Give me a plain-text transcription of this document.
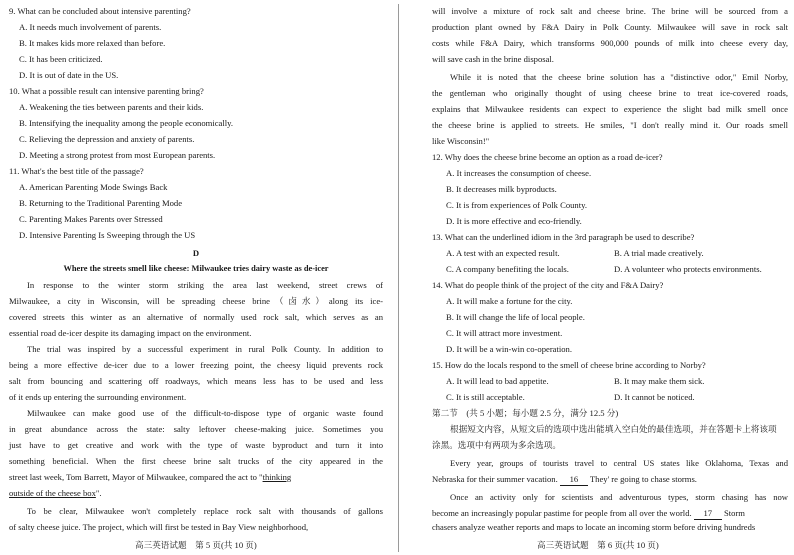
9. What can be concluded about intensive parenting?
A. It needs much involvement of parents.
B. It makes kids more relaxed than before.
C. It has been criticized.
D. It is out of date in the US.
10. What a possible result can intensive parenting bring?
A. Weakening the ties between parents and their kids.
B. Intensifying the inequality among the people economically.
C. Relieving the depression and anxiety of parents.
D. Meeting a strong protest from most European parents.
11. What's the best title of the passage?
A. American Parenting Mode Swings Back
B. Returning to the Traditional Parenting Mode
C. Parenting Makes Parents over Stressed
D. Intensive Parenting Is Sweeping through the US
D
Where the streets smell like cheese: Milwaukee tries dairy waste as de-icer
In response to the winter storm striking the area last weekend, street crews of
Milwaukee, a city in Wisconsin, will be spreading cheese brine（卤水）along its ice-
covered streets this winter as an alternative of normally used rock salt, which serves as an
essential road de-icer despite its damaging impact on the environment.
The trial was inspired by a successful experiment in rural Polk County. In addition to
being a more effective de-icer due to a lower freezing point, the cheesy liquid prevents rock
salt from bouncing and scattering off roadways, which means less has to be used and less
of it ends up entering the surrounding environment.
Milwaukee can make good use of the difficult-to-dispose type of organic waste found
in great abundance across the state: salty leftover cheese-making juice. Sometimes you
just have to get creative and work with the type of waste byproduct and turn it into
something beneficial. When the first cheese brine salt trucks of the city appeared in the
street last week, Tom Barrett, Mayor of Milwaukee, compared the act to "thinking
outside of the cheese box".
To be clear, Milwaukee won't completely replace rock salt with thousands of gallons
of salty cheese juice. The project, which will first be tested in Bay View neighborhood,
高三英语试题　第 5 页(共 10 页)
will involve a mixture of rock salt and cheese brine. The brine will be sourced from a
production plant owned by F&A Dairy in Polk County. Milwaukee will save in rock salt
costs while F&A Dairy, which transforms 900,000 pounds of milk into cheese every day,
will save cash in the brine disposal.
While it is noted that the cheese brine solution has a "distinctive odor," Emil Norby,
the gentleman who originally thought of using cheese brine to treat ice-covered roads,
explains that Milwaukee residents can expect to experience the slight bad milk smell once
the cheese brine is applied to streets. He smiles, "I don't really mind it. Our roads smell
like Wisconsin!"
12. Why does the cheese brine become an option as a road de-icer?
A. It increases the consumption of cheese.
B. It decreases milk byproducts.
C. It is from experiences of Polk County.
D. It is more effective and eco-friendly.
13. What can the underlined idiom in the 3rd paragraph be used to describe?
A. A test with an expected result.	B. A trial made creatively.
C. A company benefiting the locals.	D. A volunteer who protects environments.
14. What do people think of the project of the city and F&A Dairy?
A. It will make a fortune for the city.
B. It will change the life of local people.
C. It will attract more investment.
D. It will be a win-win co-operation.
15. How do the locals respond to the smell of cheese brine according to Norby?
A. It will lead to bad appetite.	B. It may make them sick.
C. It is still acceptable.	D. It cannot be noticed.
第二节　(共 5 小题；每小题 2.5 分，满分 12.5 分)
根据短文内容，从短文后的选项中选出能填入空白处的最佳选项，并在答题卡上将该项
涂黑。选项中有两项为多余选项。
Every year, groups of tourists travel to central US states like Oklahoma, Texas and
Nebraska for their summer vacation. 16 They' re going to chase storms.
Once an activity only for scientists and adventurous types, storm chasing has now
become an increasingly popular pastime for people from all over the world. 17 Storm
chasers analyze weather reports and maps to locate an incoming storm before driving hundreds
高三英语试题　第 6 页(共 10 页)
